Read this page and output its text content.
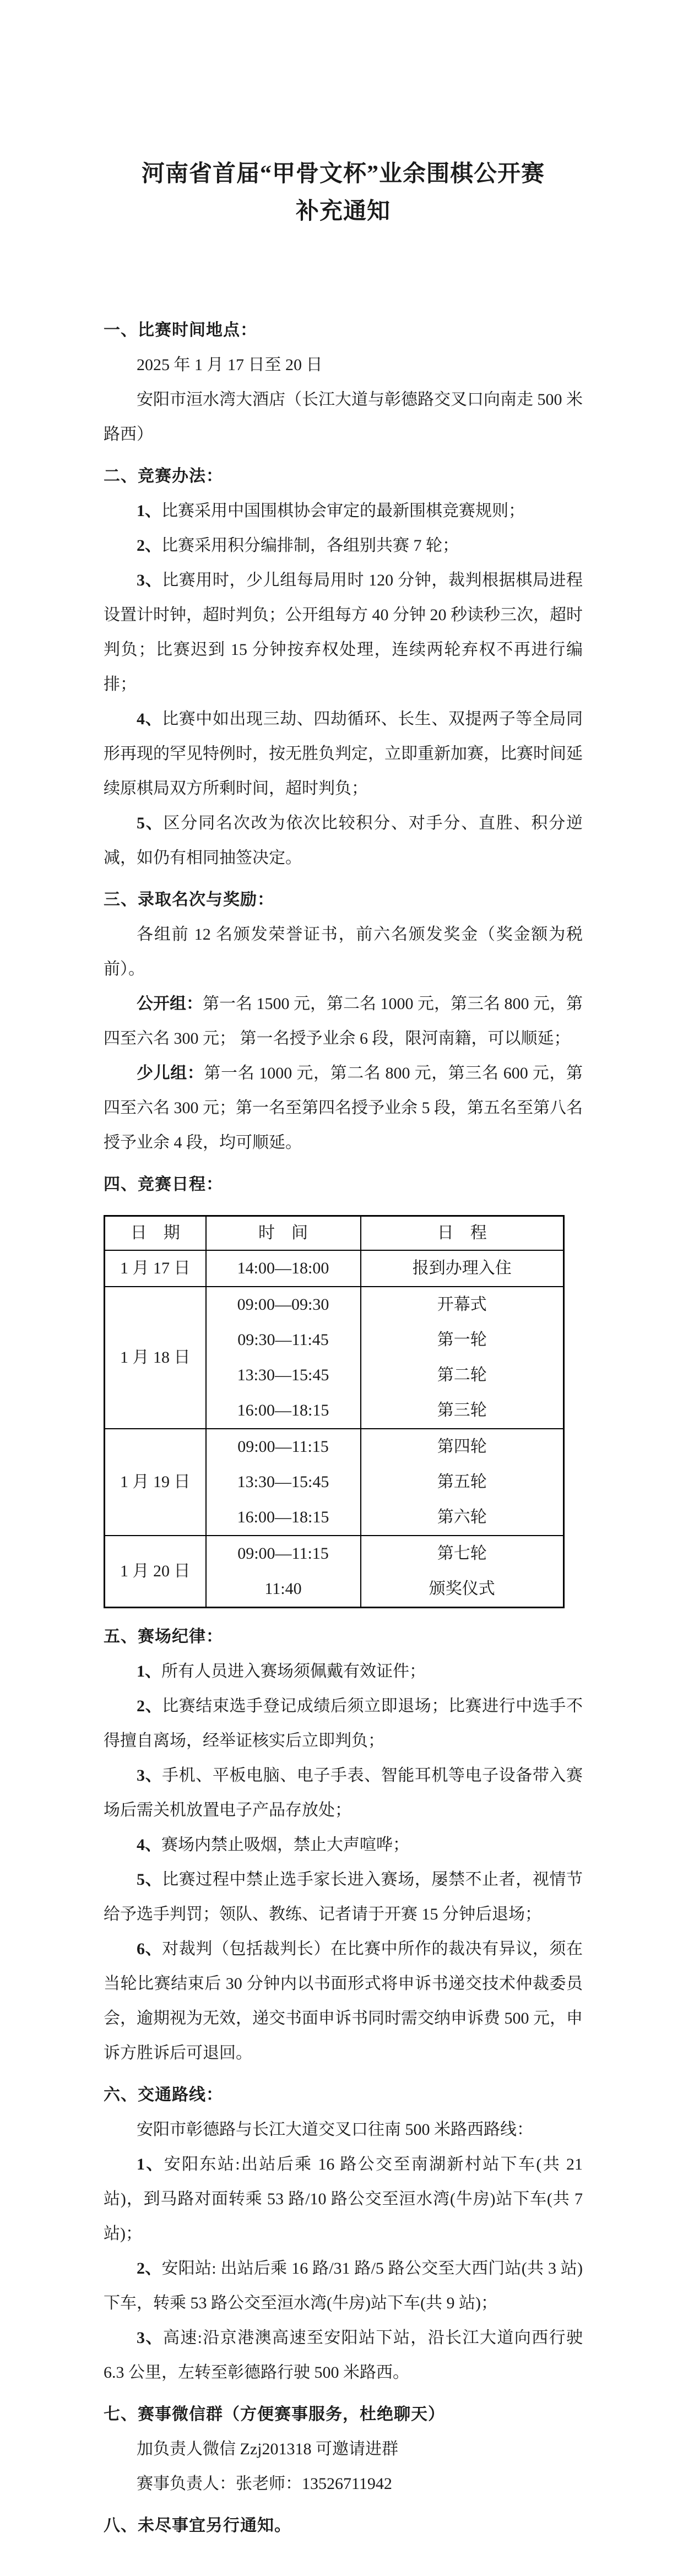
河南省首届“甲骨文杯”业余围棋公开赛
补充通知
一、比赛时间地点：

2025 年 1 月 17 日至 20 日

安阳市洹水湾大酒店（长江大道与彰德路交叉口向南走 500 米路西）

二、竞赛办法：

1、比赛采用中国围棋协会审定的最新围棋竞赛规则；

2、比赛采用积分编排制，各组别共赛 7 轮；

3、比赛用时，少儿组每局用时 120 分钟，裁判根据棋局进程设置计时钟，超时判负；公开组每方 40 分钟 20 秒读秒三次，超时判负；比赛迟到 15 分钟按弃权处理，连续两轮弃权不再进行编排；

4、比赛中如出现三劫、四劫循环、长生、双提两子等全局同形再现的罕见特例时，按无胜负判定，立即重新加赛，比赛时间延续原棋局双方所剩时间，超时判负；

5、区分同名次改为依次比较积分、对手分、直胜、积分逆减，如仍有相同抽签决定。

三、录取名次与奖励：

各组前 12 名颁发荣誉证书，前六名颁发奖金（奖金额为税前）。

公开组：第一名 1500 元，第二名 1000 元，第三名 800 元，第四至六名 300 元； 第一名授予业余 6 段，限河南籍，可以顺延；

少儿组：第一名 1000 元，第二名 800 元，第三名 600 元，第四至六名 300 元；第一名至第四名授予业余 5 段，第五名至第八名授予业余 4 段，均可顺延。

四、竞赛日程：
日　期	时　间	日　程
1 月 17 日	14:00—18:00	报到办理入住
1 月 18 日	09:00—09:30	开幕式
	09:30—11:45	第一轮
	13:30—15:45	第二轮
	16:00—18:15	第三轮
1 月 19 日	09:00—11:15	第四轮
	13:30—15:45	第五轮
	16:00—18:15	第六轮
1 月 20 日	09:00—11:15	第七轮
	11:40	颁奖仪式
五、赛场纪律：

1、所有人员进入赛场须佩戴有效证件；

2、比赛结束选手登记成绩后须立即退场；比赛进行中选手不得擅自离场，经举证核实后立即判负；

3、手机、平板电脑、电子手表、智能耳机等电子设备带入赛场后需关机放置电子产品存放处；

4、赛场内禁止吸烟，禁止大声喧哗；

5、比赛过程中禁止选手家长进入赛场，屡禁不止者，视情节给予选手判罚；领队、教练、记者请于开赛 15 分钟后退场；

6、对裁判（包括裁判长）在比赛中所作的裁决有异议，须在当轮比赛结束后 30 分钟内以书面形式将申诉书递交技术仲裁委员会，逾期视为无效，递交书面申诉书同时需交纳申诉费 500 元，申诉方胜诉后可退回。

六、交通路线：

安阳市彰德路与长江大道交叉口往南 500 米路西路线：

1、安阳东站:出站后乘 16 路公交至南湖新村站下车(共 21 站)，到马路对面转乘 53 路/10 路公交至洹水湾(牛房)站下车(共 7 站)；

2、安阳站: 出站后乘 16 路/31 路/5 路公交至大西门站(共 3 站)下车，转乘 53 路公交至洹水湾(牛房)站下车(共 9 站)；

3、高速:沿京港澳高速至安阳站下站，沿长江大道向西行驶 6.3 公里，左转至彰德路行驶 500 米路西。

七、赛事微信群（方便赛事服务，杜绝聊天）

加负责人微信 Zzj201318 可邀请进群

赛事负责人：张老师：13526711942

八、未尽事宜另行通知。
